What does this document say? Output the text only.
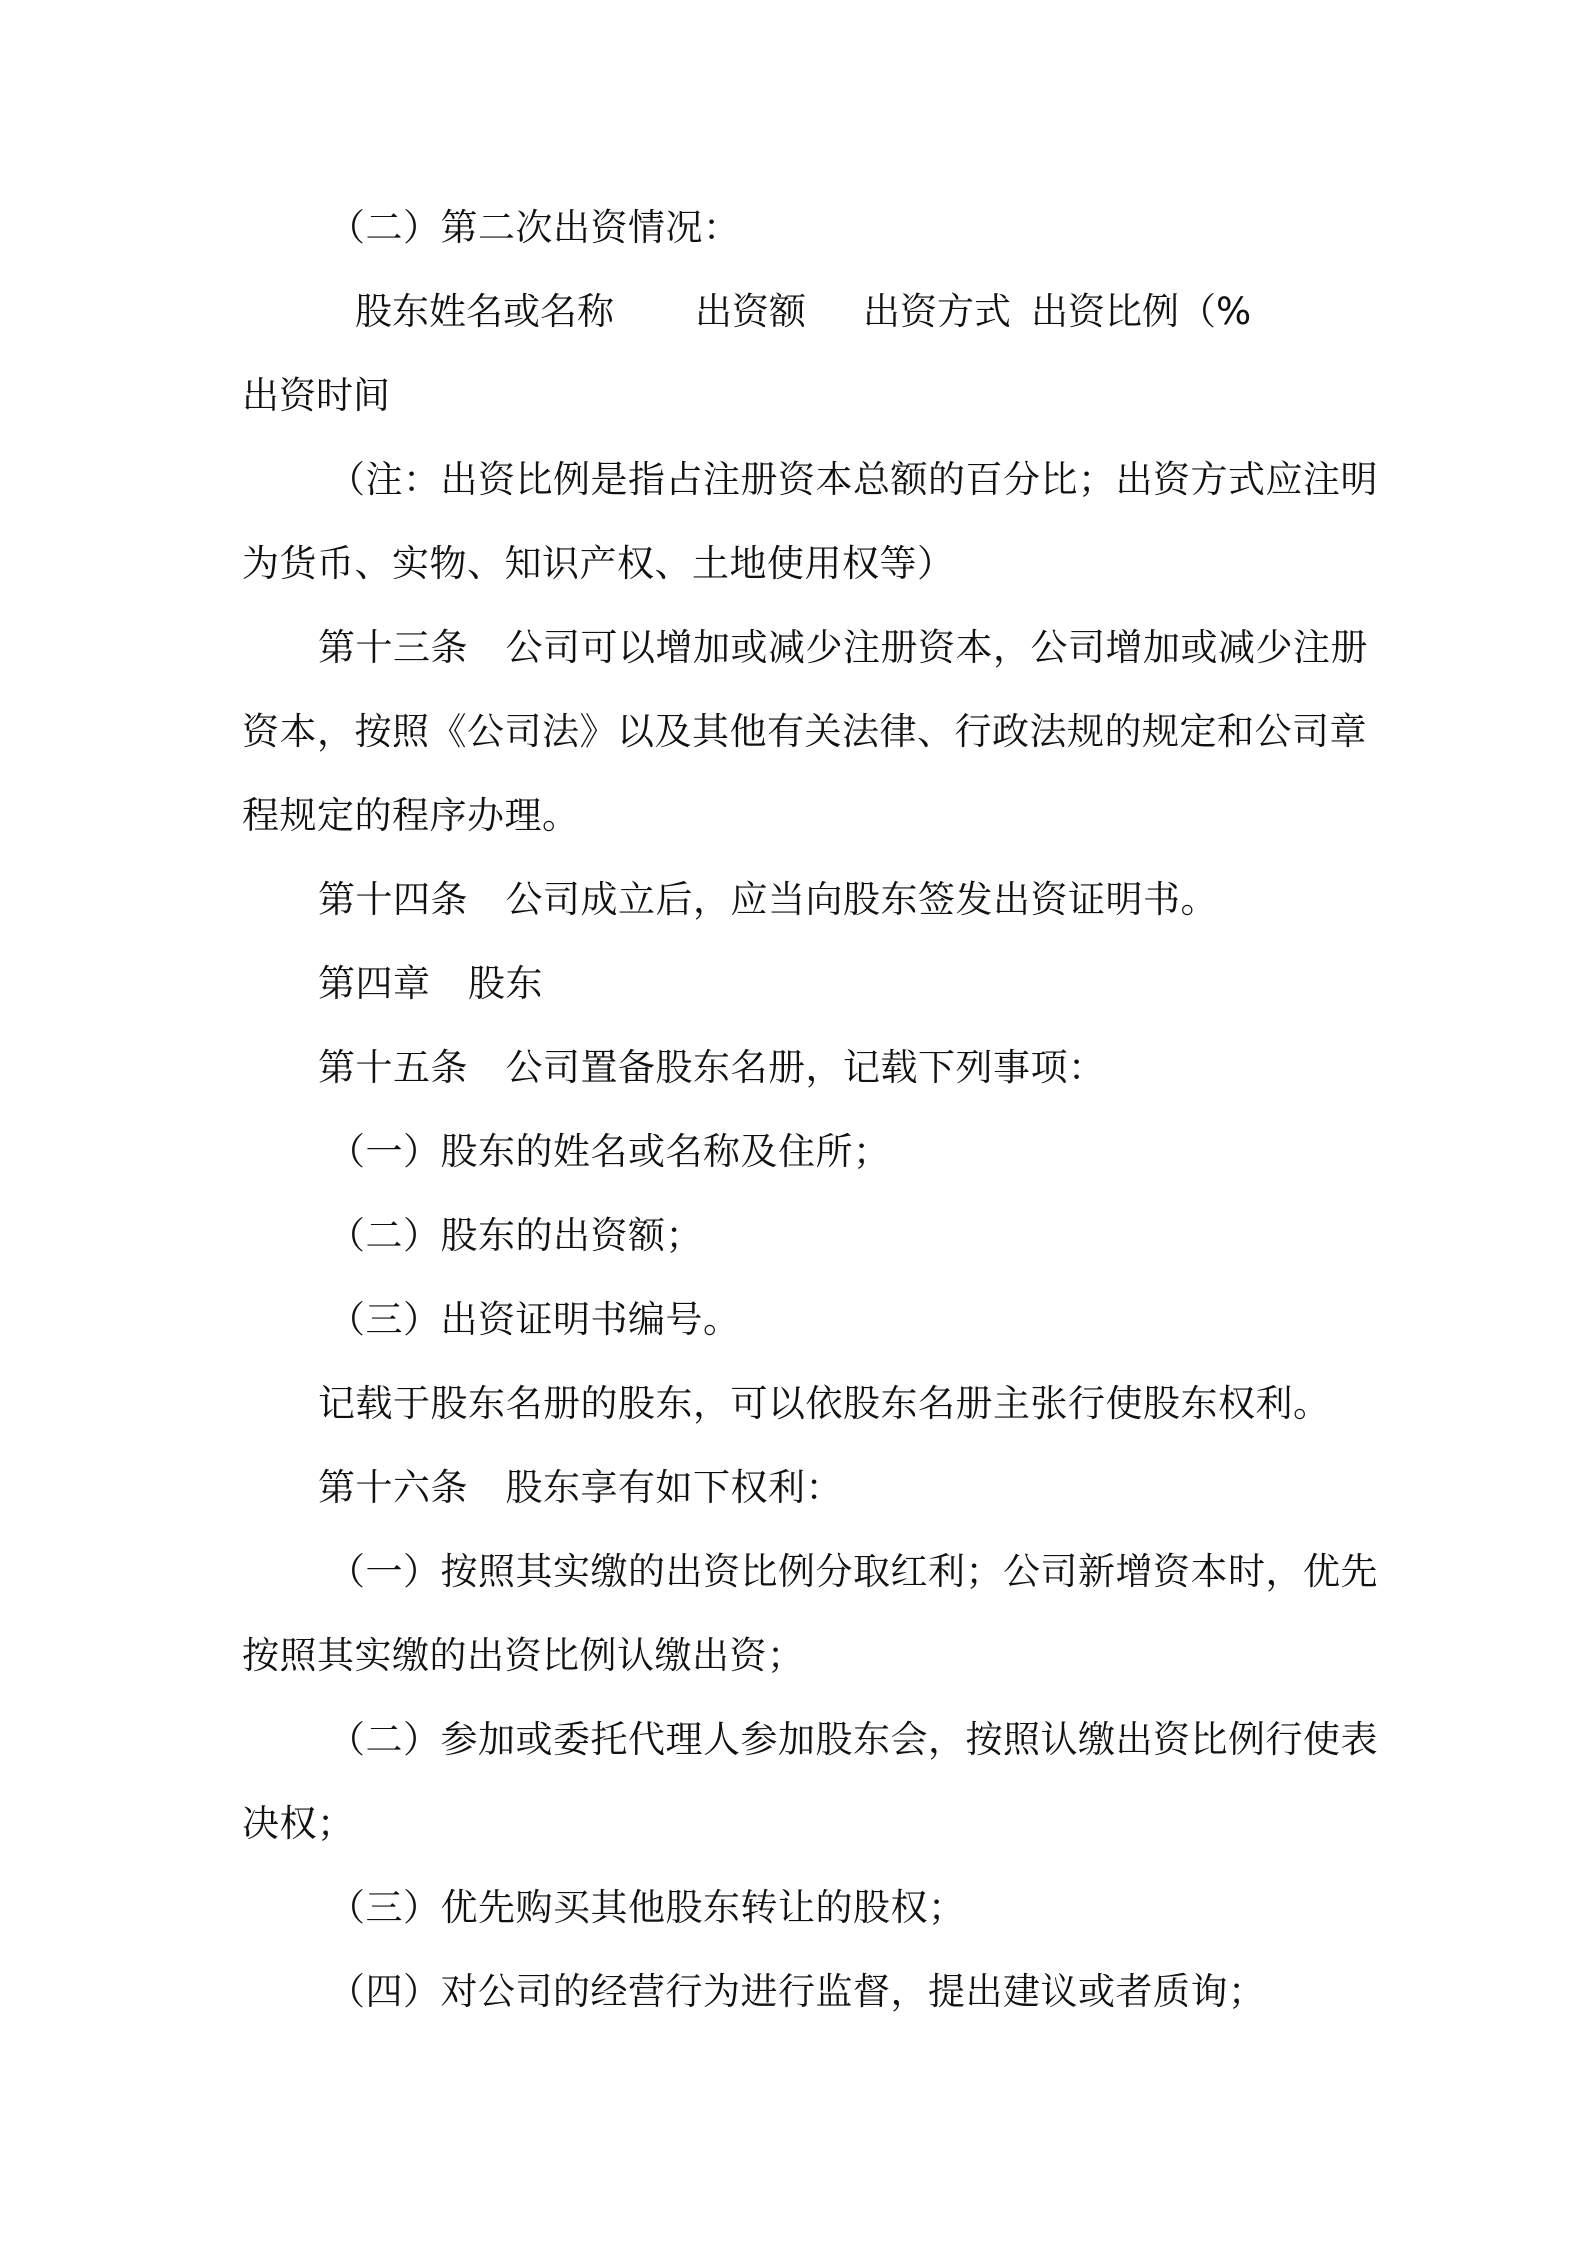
（二）第二次出资情况：
股东姓名或名称 出资额 出资方式 出资比例（%
出资时间
（注：出资比例是指占注册资本总额的百分比；出资方式应注明
为货币、实物、知识产权、土地使用权等）
第十三条　公司可以增加或减少注册资本，公司增加或减少注册
资本，按照《公司法》以及其他有关法律、行政法规的规定和公司章
程规定的程序办理。
第十四条　公司成立后，应当向股东签发出资证明书。
第四章　股东
第十五条　公司置备股东名册，记载下列事项：
（一）股东的姓名或名称及住所；
（二）股东的出资额；
（三）出资证明书编号。
记载于股东名册的股东，可以依股东名册主张行使股东权利。
第十六条　股东享有如下权利：
（一）按照其实缴的出资比例分取红利；公司新增资本时，优先
按照其实缴的出资比例认缴出资；
（二）参加或委托代理人参加股东会，按照认缴出资比例行使表
决权；
（三）优先购买其他股东转让的股权；
（四）对公司的经营行为进行监督，提出建议或者质询；
